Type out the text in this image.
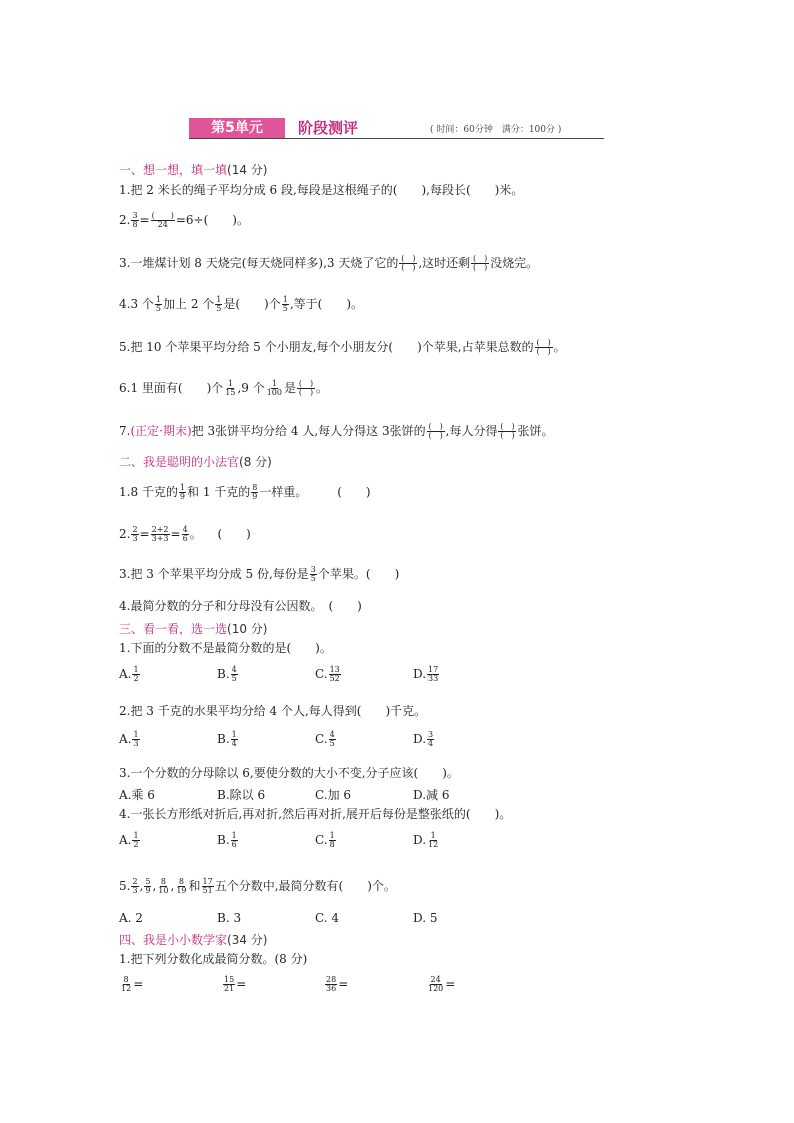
第5单元	阶段测评	( 时间：60分钟　满分：100分 )
一、想一想，填一填(14 分)
1.把 2 米长的绳子平均分成 6 段,每段是这根绳子的(　　),每段长(　　)米。
2. $\frac{3}{8} = \frac{( )}{24} =6\div$(　　)。
3.一堆煤计划 8 天烧完(每天烧同样多),3 天烧了它的 $\frac{( )}{( )}$ ,这时还剩 $\frac{( )}{( )}$ 没烧完。
4.3 个 $\frac{1}{5}$ 加上 2 个 $\frac{1}{5}$ 是(　　)个 $\frac{1}{5}$ ,等于(　　)。
5.把 10 个苹果平均分给 5 个小朋友,每个小朋友分(　　)个苹果,占苹果总数的 $\frac{( )}{( )}$ 。
6.1 里面有(　　)个 $\frac{1}{15} ,9$ 个 $\frac{1}{100}$ 是 $\frac{( )}{( )}$ 。
7.(正定·期末)把 3张饼平均分给 4 人,每人分得这 3张饼的 $\frac{( )}{( )}$ ,每人分得 $\frac{( )}{( )}$ 张饼。
二、我是聪明的小法官(8 分)
1.8 千克的 $\frac{1}{9}$ 和 1 千克的 $\frac{8}{9}$ 一样重。 (　　)
2. $\frac{2}{3} = \frac{2+2}{3+3} = \frac{4}{6}$ 。 (　　)
3.把 3 个苹果平均分成 5 份,每份是 $\frac{3}{5}$ 个苹果。(　　)
4.最简分数的分子和分母没有公因数。　(　　)
三、看一看，选一选(10 分)
1.下面的分数不是最简分数的是(　　)。
A. $\frac{1}{2}$	B. $\frac{4}{5}$	C. $\frac{13}{52}$	D. $\frac{17}{33}$
2.把 3 千克的水果平均分给 4 个人,每人得到(　　)千克。
A. $\frac{1}{3}$	B. $\frac{1}{4}$	C. $\frac{4}{5}$	D. $\frac{3}{4}$
3.一个分数的分母除以 6,要使分数的大小不变,分子应该(　　)。
A.乘 6	B.除以 6	C.加 6	D.减 6
4.一张长方形纸对折后,再对折,然后再对折,展开后每份是整张纸的(　　)。
A. $\frac{1}{2}$	B. $\frac{1}{6}$	C. $\frac{1}{8}$	D. $\frac{1}{12}$
5. $\frac{2}{3}$ , $\frac{5}{9}$ , $\frac{8}{10}$ , $\frac{8}{19}$ 和 $\frac{17}{51}$ 五个分数中,最简分数有(　　)个。
A. 2	B. 3	C. 4	D. 5
四、我是小小数学家(34 分)
1.把下列分数化成最简分数。(8 分)
$\frac{8}{12}$ =	$\frac{15}{21}$ =	$\frac{28}{36}$ =	$\frac{24}{120}$ =
